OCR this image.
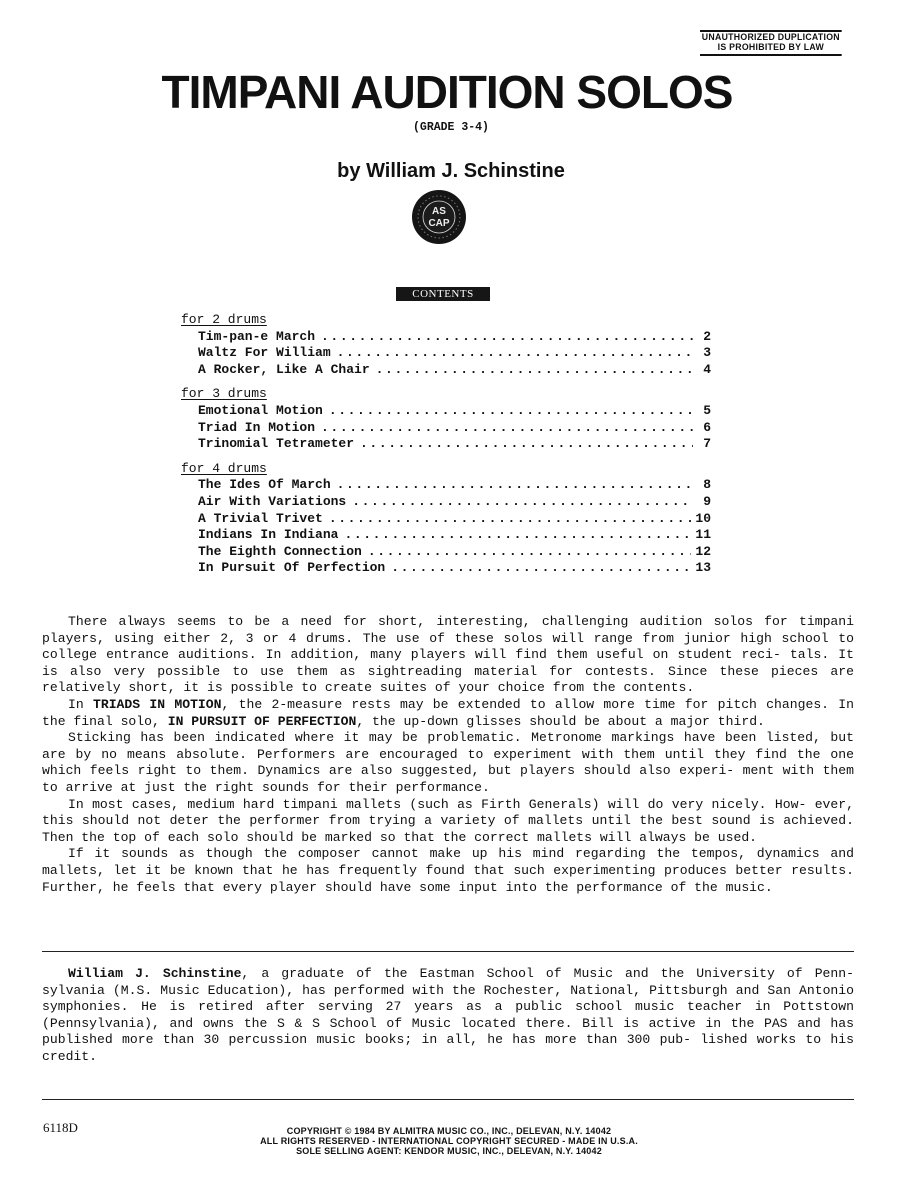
UNAUTHORIZED DUPLICATION
IS PROHIBITED BY LAW
TIMPANI AUDITION SOLOS
(GRADE 3-4)
by William J. Schinstine
AS
CAP
CONTENTS
for 2 drums
Tim-pan-e March . . .	2
Waltz For William . . .	3
A Rocker, Like A Chair . . .	4
for 3 drums
Emotional Motion . . .	5
Triad In Motion . . .	6
Trinomial Tetrameter . . .	7
for 4 drums
The Ides Of March . . .	8
Air With Variations . . .	9
A Trivial Trivet . . .	10
Indians In Indiana . . .	11
The Eighth Connection . . .	12
In Pursuit Of Perfection . . .	13

There always seems to be a need for short, interesting, challenging audition solos for timpani players, using either 2, 3 or 4 drums. The use of these solos will range from junior high school to college entrance auditions. In addition, many players will find them useful on student reci- tals. It is also very possible to use them as sightreading material for contests. Since these pieces are relatively short, it is possible to create suites of your choice from the contents.

In TRIADS IN MOTION, the 2-measure rests may be extended to allow more time for pitch changes. In the final solo, IN PURSUIT OF PERFECTION, the up-down glisses should be about a major third.

Sticking has been indicated where it may be problematic. Metronome markings have been listed, but are by no means absolute. Performers are encouraged to experiment with them until they find the one which feels right to them. Dynamics are also suggested, but players should also experi- ment with them to arrive at just the right sounds for their performance.

In most cases, medium hard timpani mallets (such as Firth Generals) will do very nicely. How- ever, this should not deter the performer from trying a variety of mallets until the best sound is achieved. Then the top of each solo should be marked so that the correct mallets will always be used.

If it sounds as though the composer cannot make up his mind regarding the tempos, dynamics and mallets, let it be known that he has frequently found that such experimenting produces better results. Further, he feels that every player should have some input into the performance of the music.

William J. Schinstine, a graduate of the Eastman School of Music and the University of Penn- sylvania (M.S. Music Education), has performed with the Rochester, National, Pittsburgh and San Antonio symphonies. He is retired after serving 27 years as a public school music teacher in Pottstown (Pennsylvania), and owns the S & S School of Music located there. Bill is active in the PAS and has published more than 30 percussion music books; in all, he has more than 300 pub- lished works to his credit.

6118D	COPYRIGHT © 1984 BY ALMITRA MUSIC CO., INC., DELEVAN, N.Y. 14042
ALL RIGHTS RESERVED - INTERNATIONAL COPYRIGHT SECURED - MADE IN U.S.A.
SOLE SELLING AGENT: KENDOR MUSIC, INC., DELEVAN, N.Y. 14042
